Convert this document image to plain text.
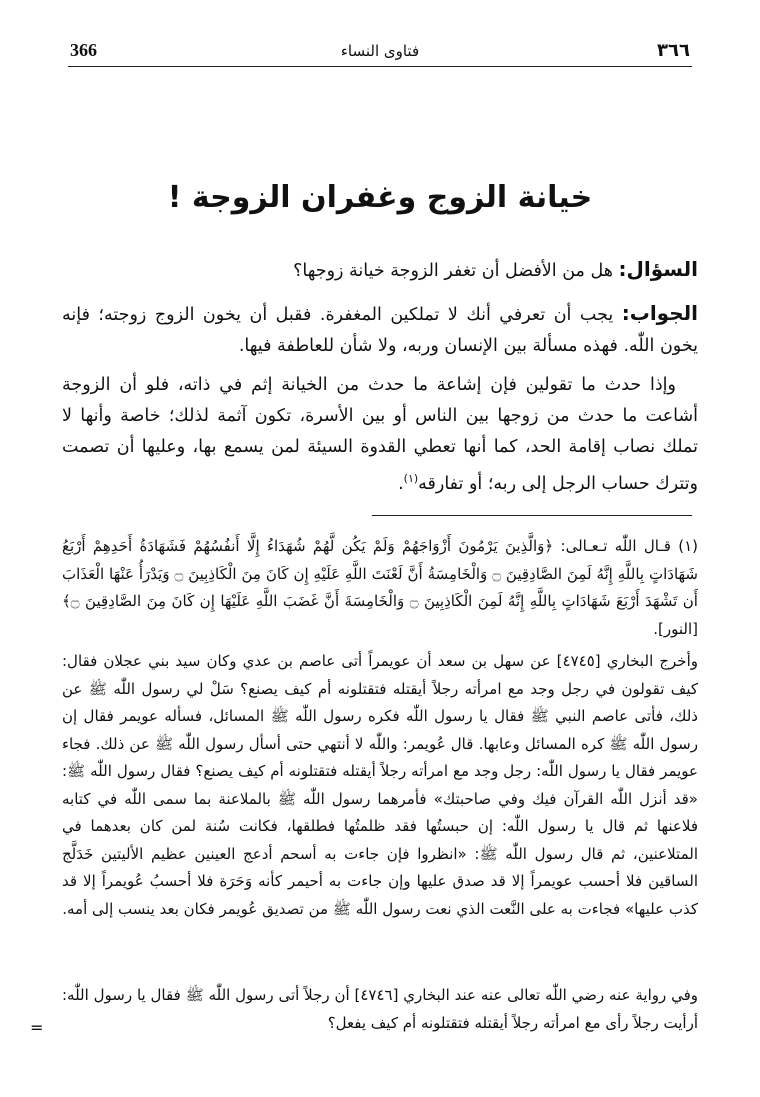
366	فتاوى النساء	٣٦٦
خيانة الزوج وغفران الزوجة !

السؤال: هل من الأفضل أن تغفر الزوجة خيانة زوجها؟

الجواب: يجب أن تعرفي أنك لا تملكين المغفرة. فقبل أن يخون الزوج زوجته؛ فإنه يخون اللّٰه. فهذه مسألة بين الإنسان وربه، ولا شأن للعاطفة فيها.

وإذا حدث ما تقولين فإن إشاعة ما حدث من الخيانة إثم في ذاته، فلو أن الزوجة أشاعت ما حدث من زوجها بين الناس أو بين الأسرة، تكون آثمة لذلك؛ خاصة وأنها لا تملك نصاب إقامة الحد، كما أنها تعطي القدوة السيئة لمن يسمع بها، وعليها أن تصمت وتترك حساب الرجل إلى ربه؛ أو تفارقه$^{(١)}$.

(١) قـال اللّٰه تـعـالى: ﴿وَالَّذِينَ يَرْمُونَ أَزْوَاجَهُمْ وَلَمْ يَكُن لَّهُمْ شُهَدَاءُ إِلَّا أَنفُسُهُمْ فَشَهَادَةُ أَحَدِهِمْ أَرْبَعُ شَهَادَاتٍ بِاللَّهِ إِنَّهُ لَمِنَ الصَّادِقِينَ ۝ وَالْخَامِسَةُ أَنَّ لَعْنَتَ اللَّهِ عَلَيْهِ إِن كَانَ مِنَ الْكَاذِبِينَ ۝ وَيَدْرَأُ عَنْهَا الْعَذَابَ أَن تَشْهَدَ أَرْبَعَ شَهَادَاتٍ بِاللَّهِ إِنَّهُ لَمِنَ الْكَاذِبِينَ ۝ وَالْخَامِسَةَ أَنَّ غَضَبَ اللَّهِ عَلَيْهَا إِن كَانَ مِنَ الصَّادِقِينَ ۝﴾ [النور].

وأخرج البخاري [٤٧٤٥] عن سهل بن سعد أن عويمراً أتى عاصم بن عدي وكان سيد بني عجلان فقال: كيف تقولون في رجل وجد مع امرأته رجلاً أيقتله فتقتلونه أم كيف يصنع؟ سَلْ لي رسول اللّٰه ﷺ عن ذلك، فأتى عاصم النبي ﷺ فقال يا رسول اللّٰه فكره رسول اللّٰه ﷺ المسائل، فسأله عويمر فقال إن رسول اللّٰه ﷺ كره المسائل وعابها. قال عُويمر: واللّٰه لا أنتهي حتى أسأل رسول اللّٰه ﷺ عن ذلك. فجاء عويمر فقال يا رسول اللّٰه: رجل وجد مع امرأته رجلاً أيقتله فتقتلونه أم كيف يصنع؟ فقال رسول اللّٰه ﷺ: «قد أنزل اللّٰه القرآن فيك وفي صاحبتك» فأمرهما رسول اللّٰه ﷺ بالملاعنة بما سمى اللّٰه في كتابه فلاعنها ثم قال يا رسول اللّٰه: إن حبستُها فقد ظلمتُها فطلقها، فكانت سُنة لمن كان بعدهما في المتلاعنين، ثم قال رسول اللّٰه ﷺ: «انظروا فإن جاءت به أسحم أدعج العينين عظيم الأليتين خَدَلَّج الساقين فلا أحسب عويمراً إلا قد صدق عليها وإن جاءت به أحيمر كأنه وَحَرَة فلا أحسبُ عُويمراً إلا قد كذب عليها» فجاءت به على النَّعت الذي نعت رسول اللّٰه ﷺ من تصديق عُويمر فكان بعد ينسب إلى أمه.

وفي رواية عنه رضي اللّٰه تعالى عنه عند البخاري [٤٧٤٦] أن رجلاً أتى رسول اللّٰه ﷺ فقال يا رسول اللّٰه: أرأيت رجلاً رأى مع امرأته رجلاً أيقتله فتقتلونه أم كيف يفعل؟

=
